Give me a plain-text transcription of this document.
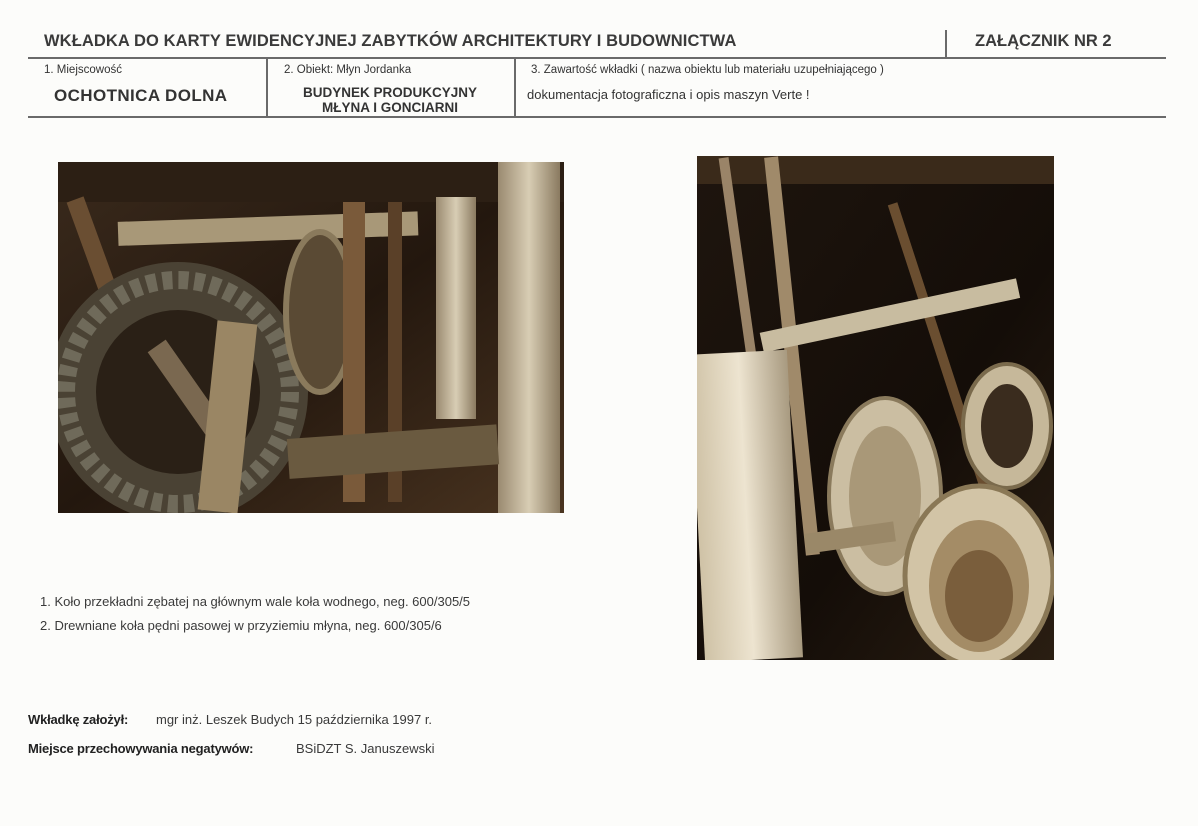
WKŁADKA DO KARTY EWIDENCYJNEJ ZABYTKÓW ARCHITEKTURY I BUDOWNICTWA	ZAŁĄCZNIK NR 2
1. Miejscowość
OCHOTNICA DOLNA
2. Obiekt: Młyn Jordanka
BUDYNEK PRODUKCYJNY
MŁYNA I GONCIARNI
3. Zawartość wkładki ( nazwa obiektu lub materiału uzupełniającego )
dokumentacja fotograficzna i opis maszyn Verte !
1. Koło przekładni zębatej na głównym wale koła wodnego, neg. 600/305/5
2. Drewniane koła pędni pasowej w przyziemiu młyna, neg. 600/305/6
Wkładkę założył: mgr inż. Leszek Budych 15 października 1997 r.
Miejsce przechowywania negatywów:	BSiDZT S. Januszewski
